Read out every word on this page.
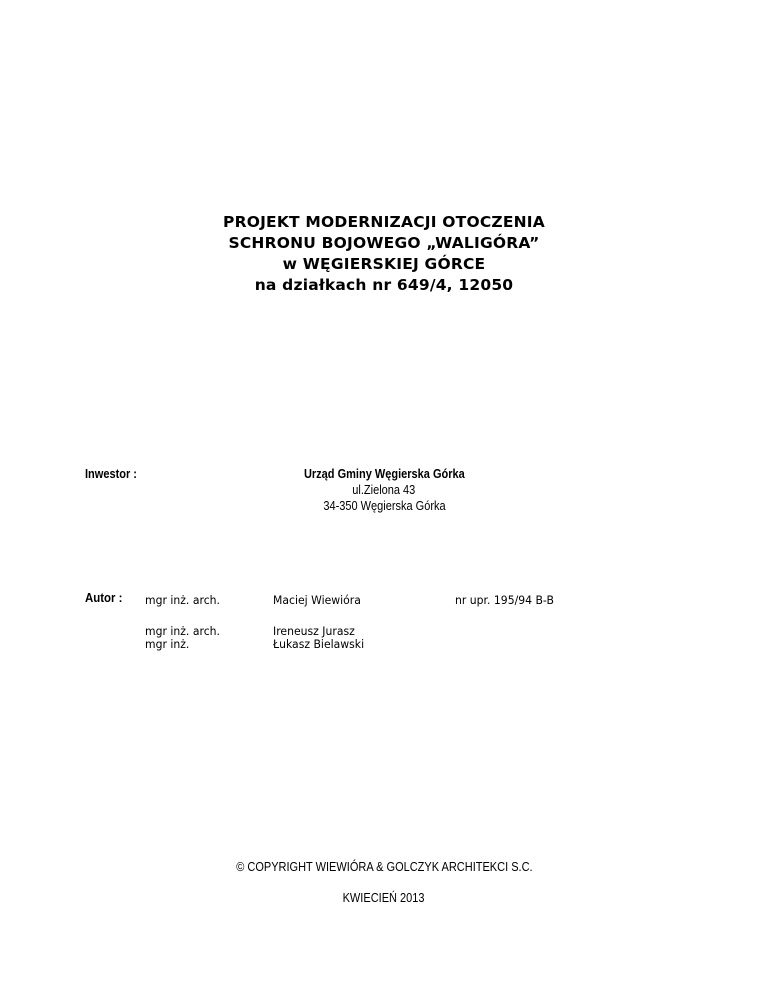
PROJEKT MODERNIZACJI OTOCZENIA
SCHRONU BOJOWEGO „WALIGÓRA”
w WĘGIERSKIEJ GÓRCE
na działkach nr 649/4, 12050
Inwestor :	Urząd Gminy Węgierska Górka
ul.Zielona 43
34-350 Węgierska Górka
Autor : mgr inż. arch.	Maciej Wiewióra	nr upr. 195/94 B-B
mgr inż. arch.	Ireneusz Jurasz
mgr inż.	Łukasz Bielawski
© COPYRIGHT WIEWIÓRA & GOLCZYK ARCHITEKCI S.C.
KWIECIEŃ 2013
